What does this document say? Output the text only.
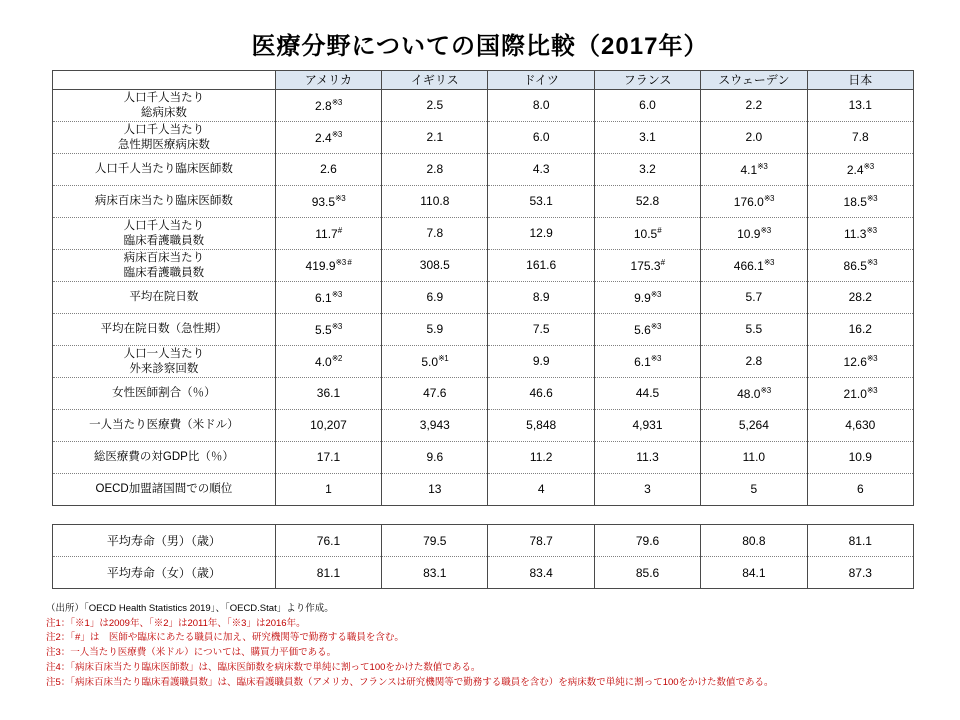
医療分野についての国際比較（2017年）
	アメリカ	イギリス	ドイツ	フランス	スウェーデン	日本

人口千人当たり
総病床数	2.8$^{※3}$	2.5	8.0	6.0	2.2	13.1

人口千人当たり
急性期医療病床数	2.4$^{※3}$	2.1	6.0	3.1	2.0	7.8

人口千人当たり臨床医師数	2.6	2.8	4.3	3.2	4.1$^{※3}$	2.4$^{※3}$

病床百床当たり臨床医師数	93.5$^{※3}$	110.8	53.1	52.8	176.0$^{※3}$	18.5$^{※3}$

人口千人当たり
臨床看護職員数	11.7#	7.8	12.9	10.5#	10.9$^{※3}$	11.3$^{※3}$

病床百床当たり
臨床看護職員数	$419.9^{※3 \#}$	308.5	161.6	175.3#	466.1$^{※3}$	86.5$^{※3}$

平均在院日数	6.1$^{※3}$	6.9	8.9	9.9$^{※3}$	5.7	28.2

平均在院日数（急性期）	5.5$^{※3}$	5.9	7.5	5.6$^{※3}$	5.5	16.2

人口一人当たり
外来診察回数	4.0$^{※2}$	5.0$^{※1}$	9.9	6.1$^{※3}$	2.8	12.6$^{※3}$

女性医師割合（％）	36.1	47.6	46.6	44.5	48.0$^{※3}$	21.0$^{※3}$

一人当たり医療費（米ドル）	10,207	3,943	5,848	4,931	5,264	4,630

総医療費の対GDP比（％）	17.1	9.6	11.2	11.3	11.0	10.9

OECD加盟諸国間での順位	1	13	4	3	5	6
平均寿命（男）（歳）	76.1	79.5	78.7	79.6	80.8	81.1
平均寿命（女）（歳）	81.1	83.1	83.4	85.6	84.1	87.3
（出所）「OECD Health Statistics 2019」、「OECD.Stat」より作成。
注1：「※1」は2009年、「※2」は2011年、「※3」は2016年。
注2：「#」は　医師や臨床にあたる職員に加え、研究機関等で勤務する職員を含む。
注3：一人当たり医療費（米ドル）については、購買力平価である。
注4：「病床百床当たり臨床医師数」は、臨床医師数を病床数で単純に割って100をかけた数値である。
注5：「病床百床当たり臨床看護職員数」は、臨床看護職員数（アメリカ、フランスは研究機関等で勤務する職員を含む）を病床数で単純に割って100をかけた数値である。
